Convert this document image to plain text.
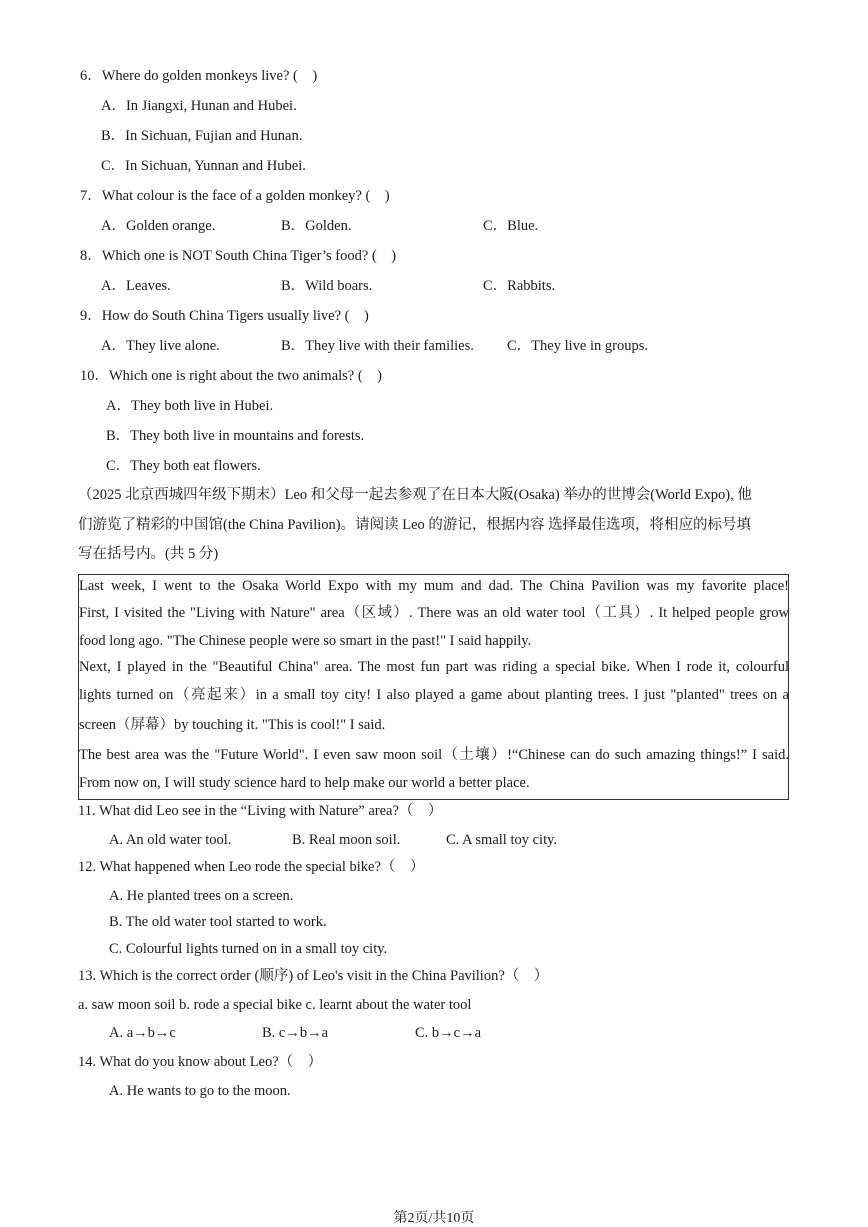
6．Where do golden monkeys live? (　)
A．In Jiangxi, Hunan and Hubei.
B．In Sichuan, Fujian and Hunan.
C．In Sichuan, Yunnan and Hubei.
7．What colour is the face of a golden monkey? (　)
A．Golden orange.	B．Golden.	C．Blue.
8．Which one is NOT South China Tiger’s food? (　)
A．Leaves.	B．Wild boars.	C．Rabbits.
9．How do South China Tigers usually live? (　)
A．They live alone.	B．They live with their families. C．They live in groups.
10．Which one is right about the two animals? (　)
A．They both live in Hubei.
B．They both live in mountains and forests.
C．They both eat flowers.
（2025 北京西城四年级下期末）Leo 和父母一起去参观了在日本大阪(Osaka) 举办的世博会(World Expo), 他
们游览了精彩的中国馆(the China Pavilion)。请阅读 Leo 的游记，根据内容 选择最佳选项，将相应的标号填
写在括号内。(共 5 分)
Last week, I went to the Osaka World Expo with my mum and dad. The China Pavilion was my favorite place!
First, I visited the "Living with Nature" area（区域）. There was an old water tool（工具）. It helped people grow
food long ago. "The Chinese people were so smart in the past!" I said happily.
Next, I played in the "Beautiful China" area. The most fun part was riding a special bike. When I rode it, colourful
lights turned on（亮起来）in a small toy city! I also played a game about planting trees. I just "planted" trees on a
screen（屏幕）by touching it. "This is cool!" I said.
The best area was the "Future World". I even saw moon soil（土壤）!“Chinese can do such amazing things!” I said.
From now on, I will study science hard to help make our world a better place.
11. What did Leo see in the “Living with Nature” area?（　）
A. An old water tool.	B. Real moon soil.	C. A small toy city.
12. What happened when Leo rode the special bike?（　）
A. He planted trees on a screen.
B. The old water tool started to work.
C. Colourful lights turned on in a small toy city.
13. Which is the correct order (顺序) of Leo's visit in the China Pavilion?（　）
a. saw moon soil b. rode a special bike c. learnt about the water tool
A. a→b→c	B. c→b→a	C. b→c→a
14. What do you know about Leo?（　）
A. He wants to go to the moon.
第2页/共10页
